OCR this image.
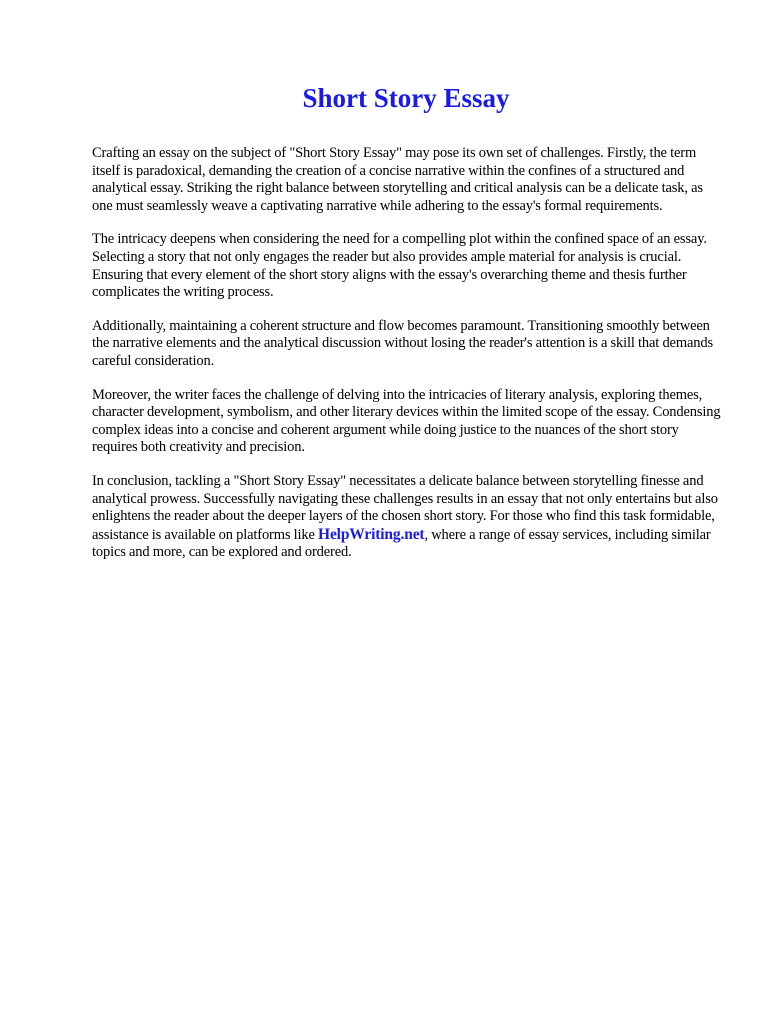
Short Story Essay

Crafting an essay on the subject of "Short Story Essay" may pose its own set of challenges. Firstly, the term itself is paradoxical, demanding the creation of a concise narrative within the confines of a structured and analytical essay. Striking the right balance between storytelling and critical analysis can be a delicate task, as one must seamlessly weave a captivating narrative while adhering to the essay's formal requirements.

The intricacy deepens when considering the need for a compelling plot within the confined space of an essay. Selecting a story that not only engages the reader but also provides ample material for analysis is crucial. Ensuring that every element of the short story aligns with the essay's overarching theme and thesis further complicates the writing process.

Additionally, maintaining a coherent structure and flow becomes paramount. Transitioning smoothly between the narrative elements and the analytical discussion without losing the reader's attention is a skill that demands careful consideration.

Moreover, the writer faces the challenge of delving into the intricacies of literary analysis, exploring themes, character development, symbolism, and other literary devices within the limited scope of the essay. Condensing complex ideas into a concise and coherent argument while doing justice to the nuances of the short story requires both creativity and precision.

In conclusion, tackling a "Short Story Essay" necessitates a delicate balance between storytelling finesse and analytical prowess. Successfully navigating these challenges results in an essay that not only entertains but also enlightens the reader about the deeper layers of the chosen short story. For those who find this task formidable, assistance is available on platforms like HelpWriting.net, where a range of essay services, including similar topics and more, can be explored and ordered.
